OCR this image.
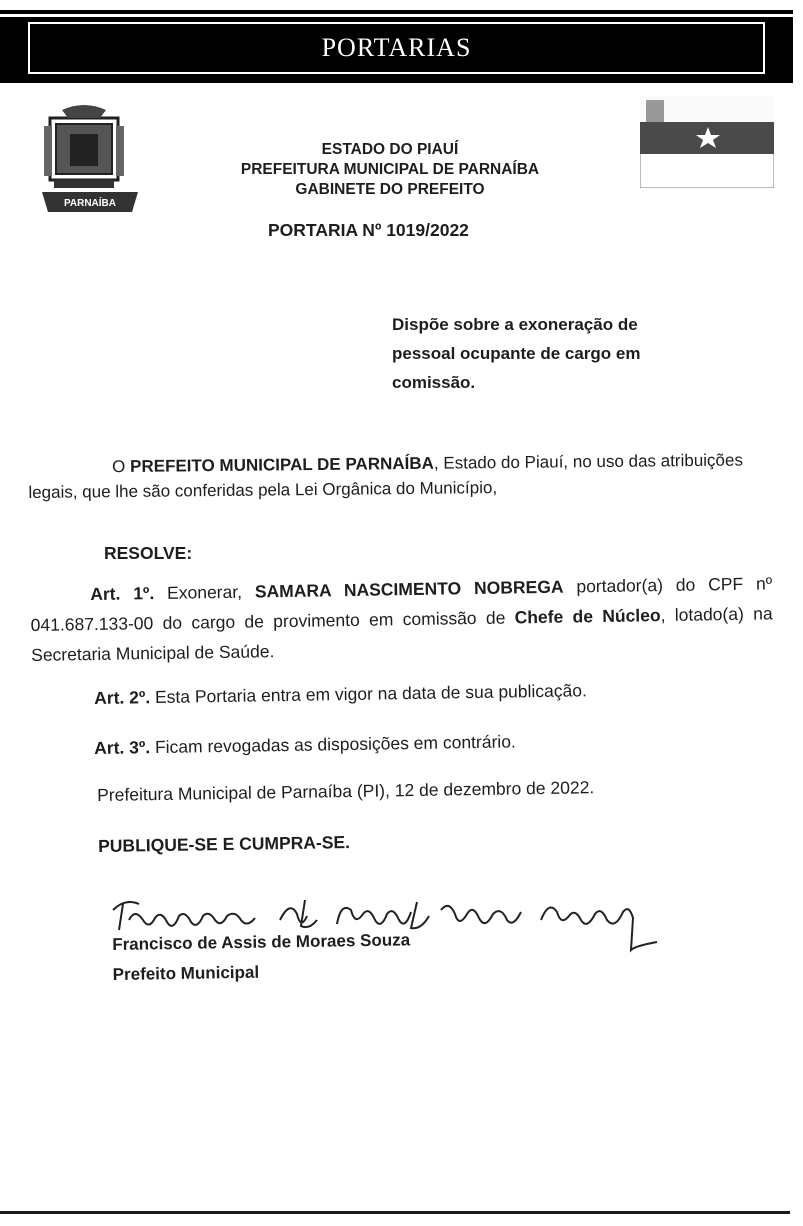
PORTARIAS
PARNAÍBA
ESTADO DO PIAUÍ
PREFEITURA MUNICIPAL DE PARNAÍBA
GABINETE DO PREFEITO
PORTARIA Nº 1019/2022
Dispõe sobre a exoneração de
pessoal ocupante de cargo em
comissão.
O PREFEITO MUNICIPAL DE PARNAÍBA, Estado do Piauí, no uso das atribuições legais, que lhe são conferidas pela Lei Orgânica do Município,
RESOLVE:
Art. 1º. Exonerar, SAMARA NASCIMENTO NOBREGA portador(a) do CPF nº 041.687.133-00 do cargo de provimento em comissão de Chefe de Núcleo, lotado(a) na Secretaria Municipal de Saúde.
Art. 2º. Esta Portaria entra em vigor na data de sua publicação.
Art. 3º. Ficam revogadas as disposições em contrário.
Prefeitura Municipal de Parnaíba (PI), 12 de dezembro de 2022.
PUBLIQUE-SE E CUMPRA-SE.
Francisco de Assis de Moraes Souza
Prefeito Municipal
